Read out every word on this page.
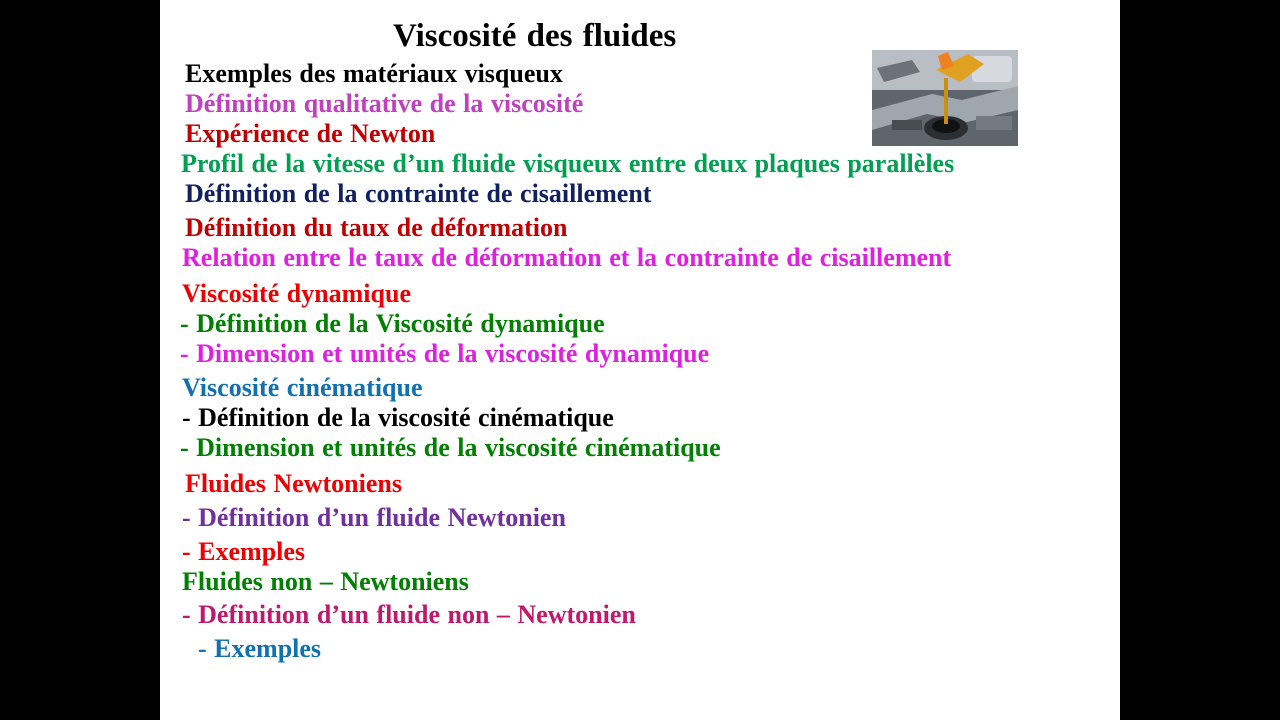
Viscosité des fluides
Exemples des matériaux visqueux
Définition qualitative de la viscosité
Expérience de Newton
Profil de la vitesse d’un fluide visqueux entre deux plaques parallèles
Définition de la contrainte de cisaillement
Définition du taux de déformation
Relation entre le taux de déformation et la contrainte de cisaillement
Viscosité dynamique
- Définition de la Viscosité dynamique
- Dimension et unités de la viscosité dynamique
Viscosité cinématique
- Définition de la viscosité cinématique
- Dimension et unités de la viscosité cinématique
Fluides Newtoniens
- Définition d’un fluide Newtonien
- Exemples
Fluides non – Newtoniens
- Définition d’un fluide non – Newtonien
- Exemples
